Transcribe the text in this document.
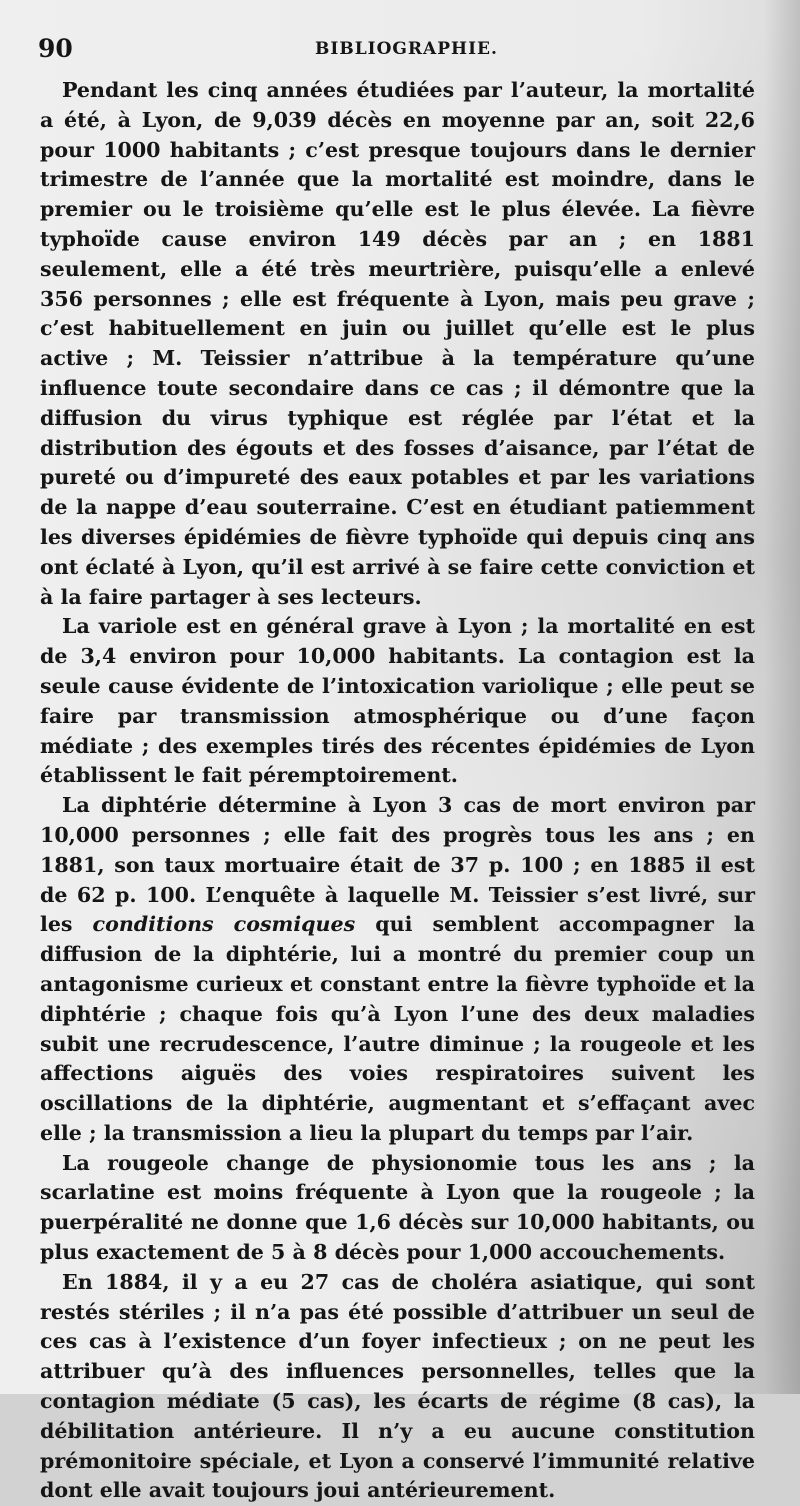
90	BIBLIOGRAPHIE.

Pendant les cinq années étudiées par l’auteur, la mortalité a été, à Lyon, de 9,039 décès en moyenne par an, soit 22,6 pour 1000 habitants ; c’est presque toujours dans le dernier trimestre de l’année que la mortalité est moindre, dans le premier ou le troisième qu’elle est le plus élevée. La fièvre typhoïde cause environ 149 décès par an ; en 1881 seulement, elle a été très meurtrière, puisqu’elle a enlevé 356 personnes ; elle est fréquente à Lyon, mais peu grave ; c’est habituellement en juin ou juillet qu’elle est le plus active ; M. Teissier n’attribue à la température qu’une influence toute secondaire dans ce cas ; il démontre que la diffusion du virus typhique est réglée par l’état et la distribution des égouts et des fosses d’aisance, par l’état de pureté ou d’impureté des eaux potables et par les variations de la nappe d’eau souterraine. C’est en étudiant patiemment les diverses épidémies de fièvre typhoïde qui depuis cinq ans ont éclaté à Lyon, qu’il est arrivé à se faire cette conviction et à la faire partager à ses lecteurs.

La variole est en général grave à Lyon ; la mortalité en est de 3,4 environ pour 10,000 habitants. La contagion est la seule cause évidente de l’intoxication variolique ; elle peut se faire par transmission atmosphérique ou d’une façon médiate ; des exemples tirés des récentes épidémies de Lyon établissent le fait péremptoirement.

La diphtérie détermine à Lyon 3 cas de mort environ par 10,000 personnes ; elle fait des progrès tous les ans ; en 1881, son taux mortuaire était de 37 p. 100 ; en 1885 il est de 62 p. 100. L’enquête à laquelle M. Teissier s’est livré, sur les conditions cosmiques qui semblent accompagner la diffusion de la diphtérie, lui a montré du premier coup un antagonisme curieux et constant entre la fièvre typhoïde et la diphtérie ; chaque fois qu’à Lyon l’une des deux maladies subit une recrudescence, l’autre diminue ; la rougeole et les affections aiguës des voies respiratoires suivent les oscillations de la diphtérie, augmentant et s’effaçant avec elle ; la transmission a lieu la plupart du temps par l’air.

La rougeole change de physionomie tous les ans ; la scarlatine est moins fréquente à Lyon que la rougeole ; la puerpéralité ne donne que 1,6 décès sur 10,000 habitants, ou plus exactement de 5 à 8 décès pour 1,000 accouchements.

En 1884, il y a eu 27 cas de choléra asiatique, qui sont restés stériles ; il n’a pas été possible d’attribuer un seul de ces cas à l’existence d’un foyer infectieux ; on ne peut les attribuer qu’à des influences personnelles, telles que la contagion médiate (5 cas), les écarts de régime (8 cas), la débilitation antérieure. Il n’y a eu aucune constitution prémonitoire spéciale, et Lyon a conservé l’immunité relative dont elle avait toujours joui antérieurement.
